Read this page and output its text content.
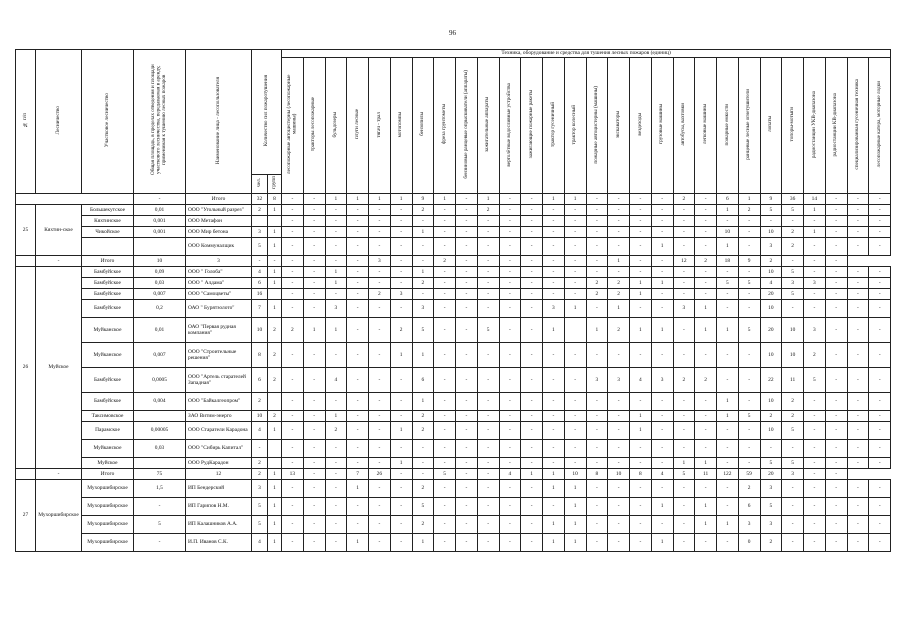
96
№ п/п	Лесничество	Участковое лесничество	Общая площадь, в пределах отведения и площади участкового лесничества, передаваемая в аренду, применимая к тушению лесных пожаров	Наименование лица - лесопользователя	Количество сил пожаротушения		Техника, оборудование и средства для тушения лесных пожаров (единиц)																											
							лесопожарные автоцистерны (лесопожарные машины)	тракторы лесопожарные	бульдозеры	плуги лесные	тягач - трал	мотопомпы	бензопилы	фреза грунтометы	бензиновые ранцевые опрыскиватели (аппараты)	зажигательные аппараты	вертолётные водосливные устройства	зажигающие пожарные ракеты	трактор гусеничный	трактор колесный	пожарные автоцистерны (машины)	экскаваторы	вездеходы	грузовые машины	автобусы, вахтовки	легковые машины	пожарные емкости	ранцевые лесные огнетушители	лопаты	топоры-мотыги	радиостанции УКВ-диапазона	радиостанции КВ-диапазона	специализированная гусеничная техника	лесопожарные катера, моторные лодки
					чел.	групп																												
			-	Итого	32	8	-	-	1	1	1	1	9	1	-	1	-	-	1	1	-	-	-	-	2	-	6	1	9	36	14	-	-	-
25	Кяхтин-ское	Большекутское	0,01	ООО "Угольный разрез"	2	1	-	-	-	-	-	-	2	-	-	2	-	-	-	-	-	-	-	-	-	-	1	2	5	5	1	-	-	-
		Кяхтинское	0,001	ООО Метафон			-	-	-	-	-	-	-	-	-	-	-	-	-	-	-	-	-	-	-	-	-	-	-	-	-	-	-	-
		Чикойское	0,001	ООО Мир бетона	3	1	-	-	-	-	-	-	1	-	-	-	-	-	-	-	-	-	-	-	-	-	10	-	10	2	1	-	-	-
				ООО Коммуналщик	5	1	-	-	-	-	-	-	-	-	-	-	-	-	-	-	-	-	-	1	-	-	1	-	3	2	-	-	-	-
	-	Итого	10	3	-	-	-	-	-	-	3	-	-	2	-	-	-	-	-	-	-	1	-	-	12	2	18	9	2	-	-	-		
26	Муйское	Бамбуйское	0,09	ООО " Голоба"	4	1	-	-	1	-	-	-	1	-	-	-	-	-	-	-	-	-	-	-	-	-	-	-	10	5	-	-	-	-
		Бамбуйское	0,03	ООО " Алдама"	6	1	-	-	1	-	-	-	2	-	-	-	-	-	-	-	2	2	1	1	-	-	5	5	4	3	3	-	-	-
		Бамбуйское	0,007	ООО "Самоцветы"	16		-	-	-	-	2	3	-	-	-	-	-	-	-	-	2	2	1	-	-	-	-	-	20	5	-	-	-	-
		Бамбуйское	0,2	ОАО " Бурятзолото"	7	1	-	-	3	-	-	-	3	-	-	-	-	-	3	1	-	1	-	-	3	1	-	-	10	-	-	-	-	-
		Муйканское	0,01	ОАО "Первая рудная компания"	10	2	2	1	1	-	-	2	5	-	-	5	-	-	1		1	2	1	1	-	1	1	5	20	10	3	-	-	-
		Муйканское	0,007	ООО "Строительные решения"	8	2	-	-	-	-	-	1	1	-	-	-	-	-	-	-	-	-	-	-	-	-	-	-	10	10	2	-	-	-
		Бамбуйское	0,0005	ООО "Артель старателей Западная"	6	2	-	-	4	-	-	-	6	-	-	-	-	-	-	-	3	3	4	3	2	2	-	-	22	11	5	-	-	-
		Бамбуйское	0,004	ООО "Байкалгеопром"	2		-	-	-	-	-	-	1	-	-	-	-	-	-	-	-	-	-	-	-	-	1	-	10	2	-	-	-	-
		Таксимовское		ЗАО Витим-энерго	10	2	-	-	1	-	-	-	2	-	-	-	-	-	-	-	-	-	1	-	-	-	1	5	2	2	-	-	-	-
		Парамское	0,00005	ООО Старатели Карадона	4	1	-	-	2	-	-	1	2	-	-	-	-	-	-	-	-	-	1	-	-	-	-	-	10	5	-	-	-	-
		Муйканское	0,03	ООО "Сибирь Капитал"	-		-	-	-	-	-	-	-	-	-	-	-	-	-	-	-	-	-	-	-	-	-	-	-	-	-	-	-	-
		Муйское		ООО РудКарадон	2		-	-	-	-	-	1	-	-	-	-	-	-	-	-	-	-	-	-	1	1	-	-	5	5	-	-	-	-
	-	Итого	75	12	2	1	13	-	-	7	26	-	-	5	-	-	4	1	1	10	8	10	8	4	5	11	122	59	20	3	-	-		
27	Мухоршибирское	Мухоршибирское	1,5	ИП Бендерский	3	1	-	-	-	1	-	-	2	-	-	-	-	-	1	1	-	-	-	-	-	-	-	2	3	-	-	-	-	-
		Мухоршибирское	-	ИП Гарипов Н.М.	5	1	-	-	-	-	-	-	5	-	-	-	-	-	-	1	-	-	-	1	-	1	-	6	5	-	-	-	-	-
		Мухоршибирское	5	ИП Калашников А.А.	5	1	-	-	-	-	-	-	2	-	-	-	-	-	1	1	-	-	-	-	-	1	1	3	3	-	-	-	-	-
		Мухоршибирское	-	И.П. Иванов С.К.	4	1	-	-	-	1	-	-	1	-	-	-	-	-	1	1	-	-	-	1	-	-	-	0	2	-	-	-	-	-
